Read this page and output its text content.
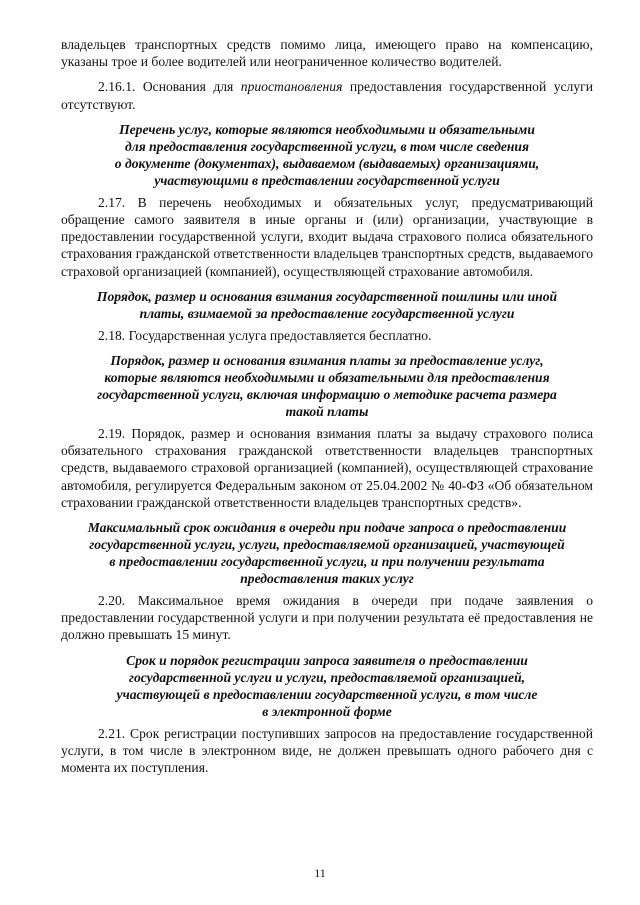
владельцев транспортных средств помимо лица, имеющего право на компенсацию, указаны трое и более водителей или неограниченное количество водителей.

2.16.1. Основания для приостановления предоставления государственной услуги отсутствуют.

Перечень услуг, которые являются необходимыми и обязательными
для предоставления государственной услуги, в том числе сведения
о документе (документах), выдаваемом (выдаваемых) организациями,
участвующими в представлении государственной услуги

2.17. В перечень необходимых и обязательных услуг, предусматривающий обращение самого заявителя в иные органы и (или) организации, участвующие в предоставлении государственной услуги, входит выдача страхового полиса обязательного страхования гражданской ответственности владельцев транспортных средств, выдаваемого страховой организацией (компанией), осуществляющей страхование автомобиля.

Порядок, размер и основания взимания государственной пошлины или иной
платы, взимаемой за предоставление государственной услуги

2.18. Государственная услуга предоставляется бесплатно.

Порядок, размер и основания взимания платы за предоставление услуг,
которые являются необходимыми и обязательными для предоставления
государственной услуги, включая информацию о методике расчета размера
такой платы

2.19. Порядок, размер и основания взимания платы за выдачу страхового полиса обязательного страхования гражданской ответственности владельцев транспортных средств, выдаваемого страховой организацией (компанией), осуществляющей страхование автомобиля, регулируется Федеральным законом от 25.04.2002 № 40-ФЗ «Об обязательном страховании гражданской ответственности владельцев транспортных средств».

Максимальный срок ожидания в очереди при подаче запроса о предоставлении
государственной услуги, услуги, предоставляемой организацией, участвующей
в предоставлении государственной услуги, и при получении результата
предоставления таких услуг

2.20. Максимальное время ожидания в очереди при подаче заявления о предоставлении государственной услуги и при получении результата её предоставления не должно превышать 15 минут.

Срок и порядок регистрации запроса заявителя о предоставлении
государственной услуги и услуги, предоставляемой организацией,
участвующей в предоставлении государственной услуги, в том числе
в электронной форме

2.21. Срок регистрации поступивших запросов на предоставление государственной услуги, в том числе в электронном виде, не должен превышать одного рабочего дня с момента их поступления.

11
